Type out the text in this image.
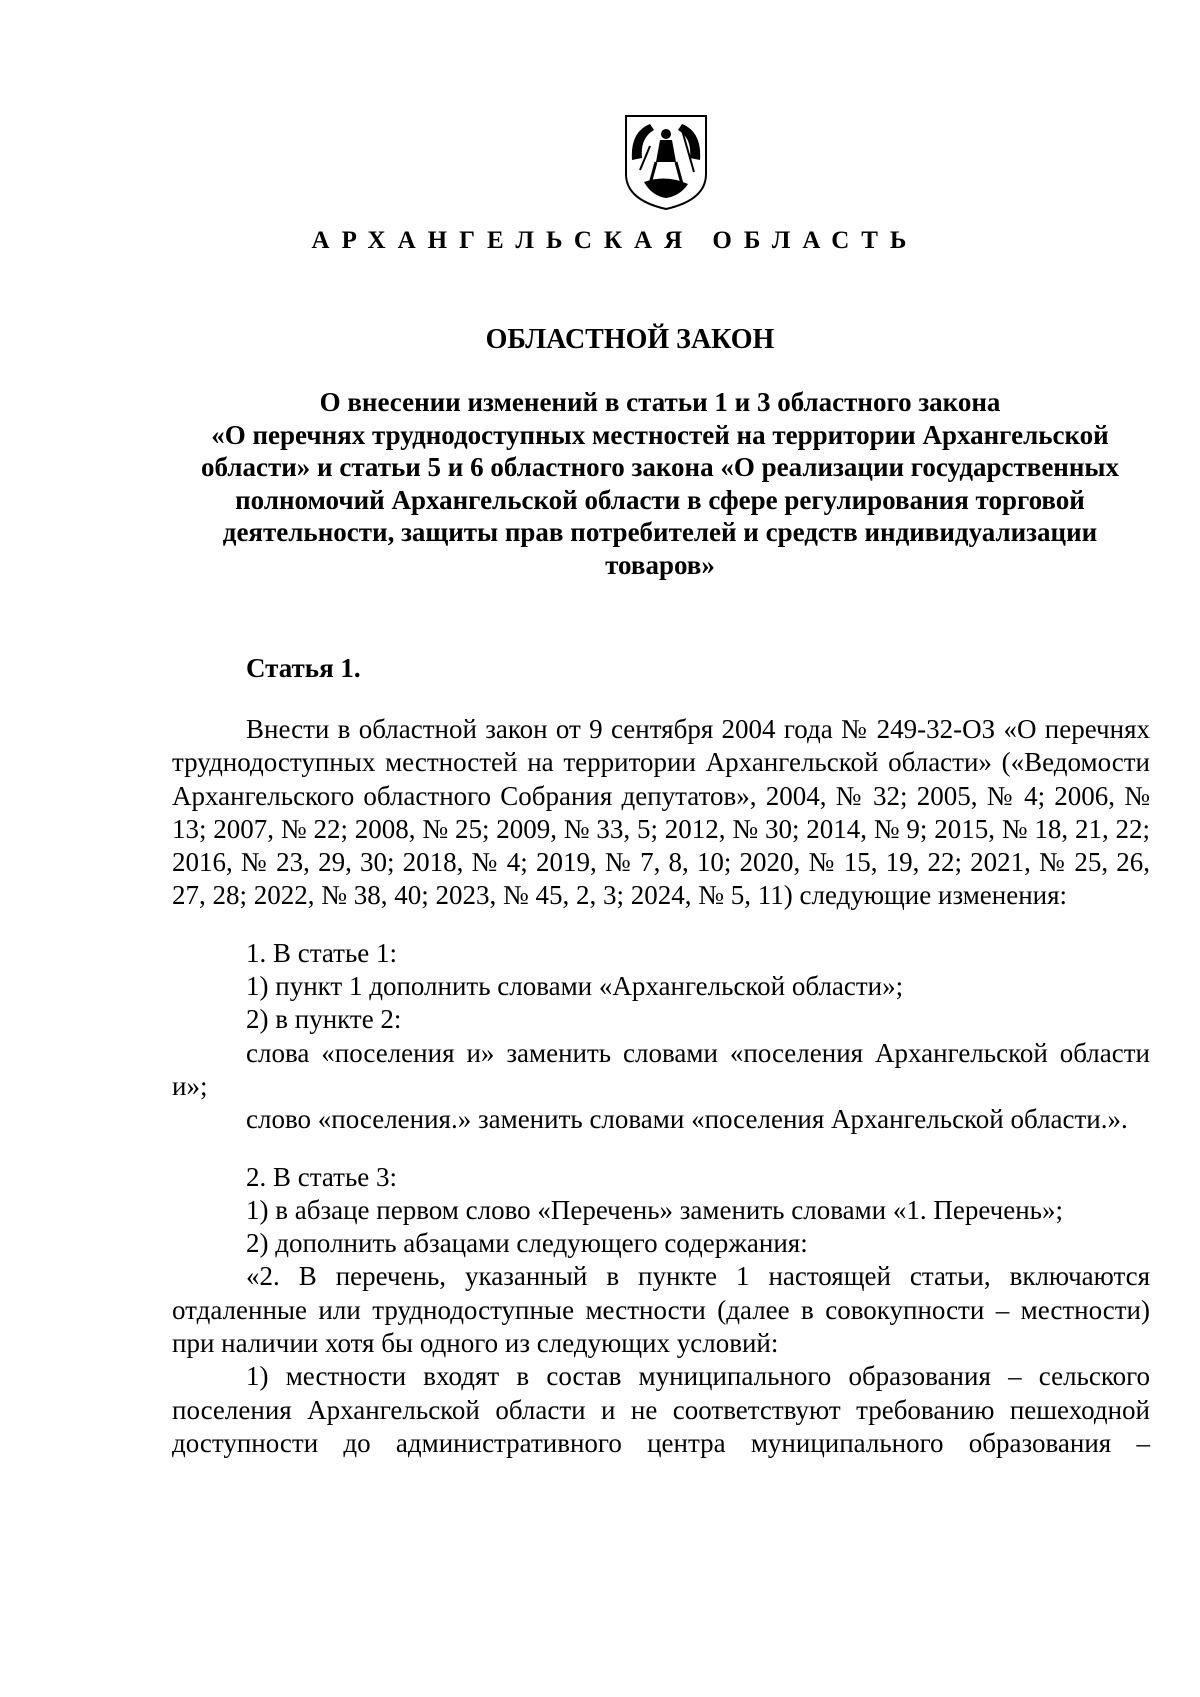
АРХАНГЕЛЬСКАЯ ОБЛАСТЬ
ОБЛАСТНОЙ ЗАКОН
О внесении изменений в статьи 1 и 3 областного закона
«О перечнях труднодоступных местностей на территории Архангельской
области» и статьи 5 и 6 областного закона «О реализации государственных
полномочий Архангельской области в сфере регулирования торговой
деятельности, защиты прав потребителей и средств индивидуализации
товаров»
Статья 1.

Внести в областной закон от 9 сентября 2004 года № 249-32-ОЗ «О перечнях труднодоступных местностей на территории Архангельской области» («Ведомости Архангельского областного Собрания депутатов», 2004, № 32; 2005, № 4; 2006, № 13; 2007, № 22; 2008, № 25; 2009, № 33, 5; 2012, № 30; 2014, № 9; 2015, № 18, 21, 22; 2016, № 23, 29, 30; 2018, № 4; 2019, № 7, 8, 10; 2020, № 15, 19, 22; 2021, № 25, 26, 27, 28; 2022, № 38, 40; 2023, № 45, 2, 3; 2024, № 5, 11) следующие изменения:

1. В статье 1:

1) пункт 1 дополнить словами «Архангельской области»;

2) в пункте 2:

слова «поселения и» заменить словами «поселения Архангельской области и»;

слово «поселения.» заменить словами «поселения Архангельской области.».

2. В статье 3:

1) в абзаце первом слово «Перечень» заменить словами «1. Перечень»;

2) дополнить абзацами следующего содержания:

«2. В перечень, указанный в пункте 1 настоящей статьи, включаются отдаленные или труднодоступные местности (далее в совокупности – местности) при наличии хотя бы одного из следующих условий:

1) местности входят в состав муниципального образования – сельского поселения Архангельской области и не соответствуют требованию пешеходной доступности до административного центра муниципального образования –
